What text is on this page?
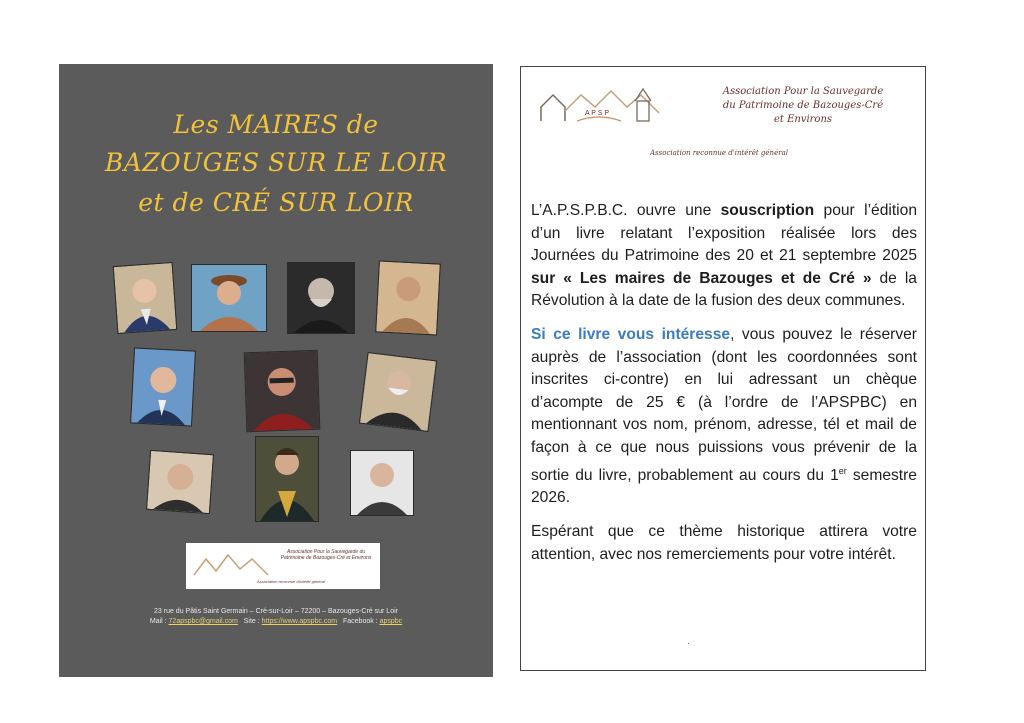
Les MAIRES de
BAZOUGES SUR LE LOIR
et de CRÉ SUR LOIR
Association Pour la Sauvegarde du Patrimoine de Bazouges-Cré et Environs
Association reconnue d'intérêt général
23 rue du Pâtis Saint Germain – Cré-sur-Loir – 72200 – Bazouges-Cré sur Loir
Mail : 72apspbc@gmail.com Site : https://www.apspbc.com Facebook : apspbc
A P S P
Association Pour la Sauvegarde
du Patrimoine de Bazouges-Cré
et Environs
Association reconnue d'intérêt général

L’A.P.S.P.B.C. ouvre une souscription pour l’édition d’un livre relatant l’exposition réalisée lors des Journées du Patrimoine des 20 et 21 septembre 2025 sur « Les maires de Bazouges et de Cré » de la Révolution à la date de la fusion des deux communes.

Si ce livre vous intéresse, vous pouvez le réserver auprès de l’association (dont les coordonnées sont inscrites ci-contre) en lui adressant un chèque d’acompte de 25 € (à l’ordre de l’APSPBC) en mentionnant vos nom, prénom, adresse, tél et mail de façon à ce que nous puissions vous prévenir de la sortie du livre, probablement au cours du 1er semestre 2026.

Espérant que ce thème historique attirera votre attention, avec nos remerciements pour votre intérêt.

·
